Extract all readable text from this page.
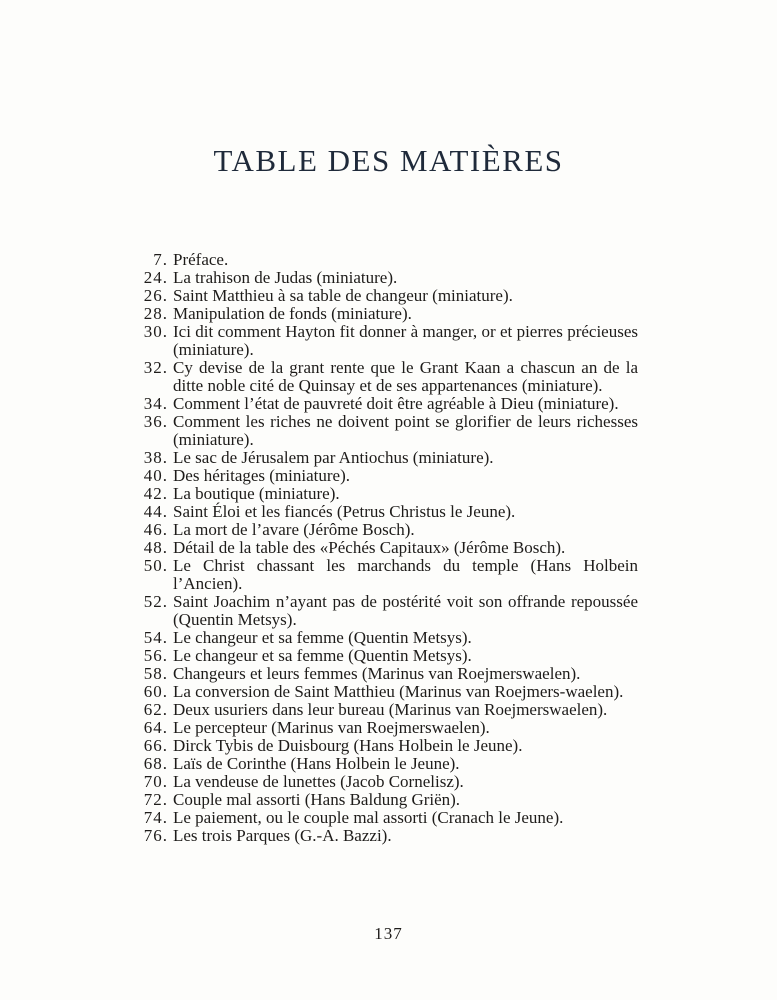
TABLE DES MATIÈRES
7. Préface.
24. La trahison de Judas (miniature).
26. Saint Matthieu à sa table de changeur (miniature).
28. Manipulation de fonds (miniature).
30. Ici dit comment Hayton fit donner à manger, or et pierres précieuses (miniature).
32. Cy devise de la grant rente que le Grant Kaan a chascun an de la ditte noble cité de Quinsay et de ses appartenances (miniature).
34. Comment l’état de pauvreté doit être agréable à Dieu (miniature).
36. Comment les riches ne doivent point se glorifier de leurs richesses (miniature).
38. Le sac de Jérusalem par Antiochus (miniature).
40. Des héritages (miniature).
42. La boutique (miniature).
44. Saint Éloi et les fiancés (Petrus Christus le Jeune).
46. La mort de l’avare (Jérôme Bosch).
48. Détail de la table des «Péchés Capitaux» (Jérôme Bosch).
50. Le Christ chassant les marchands du temple (Hans Holbein l’Ancien).
52. Saint Joachim n’ayant pas de postérité voit son offrande repoussée (Quentin Metsys).
54. Le changeur et sa femme (Quentin Metsys).
56. Le changeur et sa femme (Quentin Metsys).
58. Changeurs et leurs femmes (Marinus van Roejmerswaelen).
60. La conversion de Saint Matthieu (Marinus van Roejmers-waelen).
62. Deux usuriers dans leur bureau (Marinus van Roejmerswaelen).
64. Le percepteur (Marinus van Roejmerswaelen).
66. Dirck Tybis de Duisbourg (Hans Holbein le Jeune).
68. Laïs de Corinthe (Hans Holbein le Jeune).
70. La vendeuse de lunettes (Jacob Cornelisz).
72. Couple mal assorti (Hans Baldung Griën).
74. Le paiement, ou le couple mal assorti (Cranach le Jeune).
76. Les trois Parques (G.-A. Bazzi).
137
